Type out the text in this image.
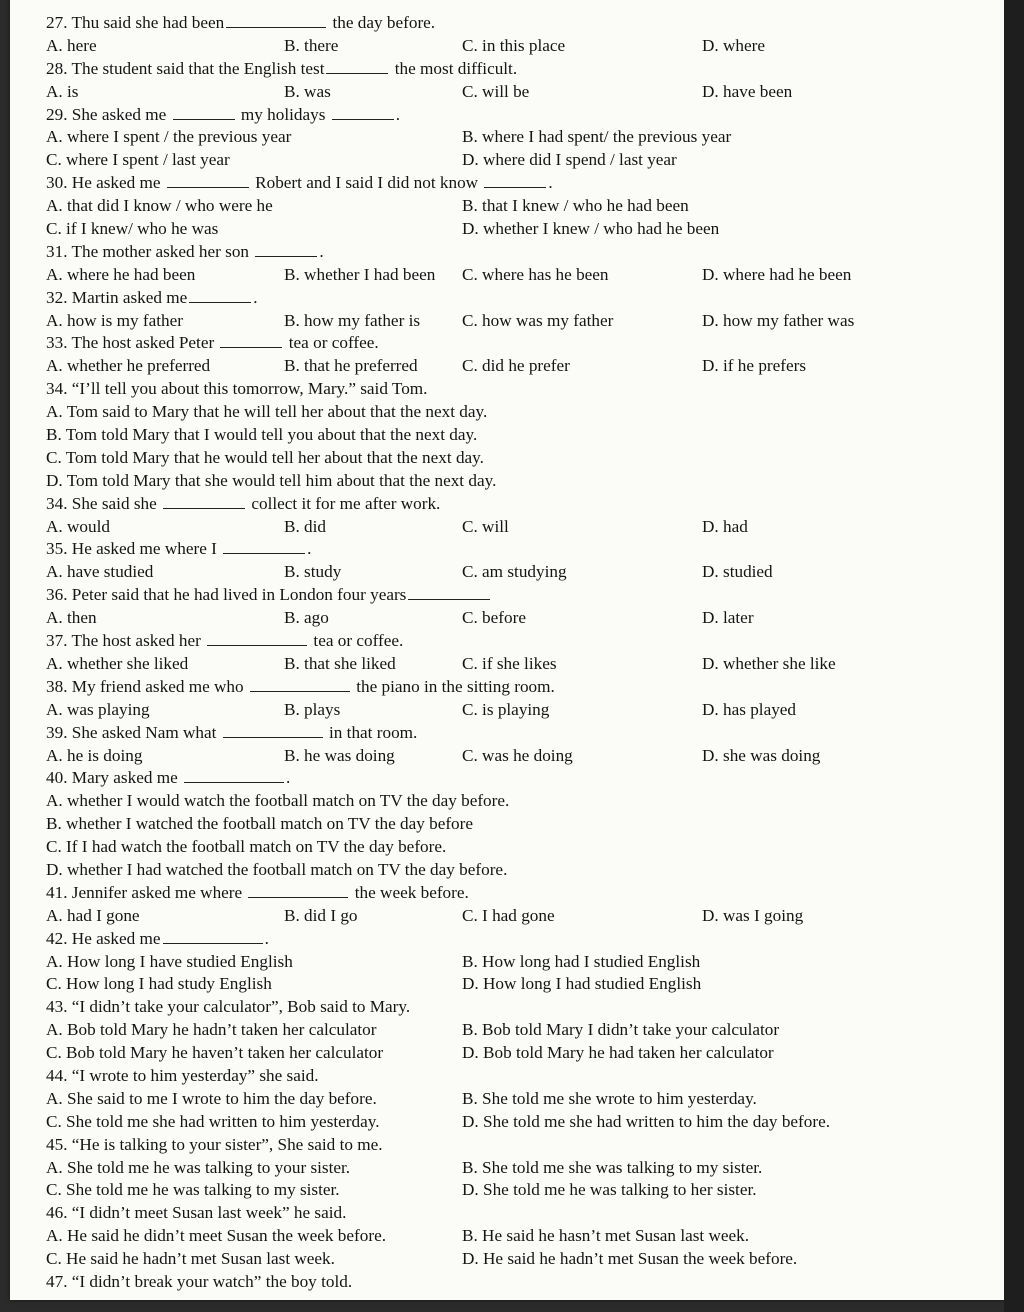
27. Thu said she had been	the day before.
A. here	B. there	C. in this place	D. where
28. The student said that the English test	the most difficult.
A. is	B. was	C. will be	D. have been
29. She asked me	my holidays	.
A. where I spent / the previous year	B. where I had spent/ the previous year
C. where I spent / last year	D. where did I spend / last year
30. He asked me	Robert and I said I did not know	.
A. that did I know / who were he	B. that I knew / who he had been
C. if I knew/ who he was	D. whether I knew / who had he been
31. The mother asked her son	.
A. where he had been	B. whether I had been C. where has he been	D. where had he been
32. Martin asked me	.
A. how is my father	B. how my father is C. how was my father	D. how my father was
33. The host asked Peter	tea or coffee.
A. whether he preferred	B. that he preferred	C. did he prefer	D. if he prefers
34. “I’ll tell you about this tomorrow, Mary.” said Tom.
A. Tom said to Mary that he will tell her about that the next day.
B. Tom told Mary that I would tell you about that the next day.
C. Tom told Mary that he would tell her about that the next day.
D. Tom told Mary that she would tell him about that the next day.
34. She said she	collect it for me after work.
A. would	B. did	C. will	D. had
35. He asked me where I	.
A. have studied	B. study	C. am studying	D. studied
36. Peter said that he had lived in London four years
A. then	B. ago	C. before	D. later
37. The host asked her	tea or coffee.
A. whether she liked	B. that she liked	C. if she likes	D. whether she like
38. My friend asked me who	the piano in the sitting room.
A. was playing	B. plays	C. is playing	D. has played
39. She asked Nam what	in that room.
A. he is doing	B. he was doing	C. was he doing	D. she was doing
40. Mary asked me	.
A. whether I would watch the football match on TV the day before.
B. whether I watched the football match on TV the day before
C. If I had watch the football match on TV the day before.
D. whether I had watched the football match on TV the day before.
41. Jennifer asked me where	the week before.
A. had I gone	B. did I go	C. I had gone	D. was I going
42. He asked me	.
A. How long I have studied English	B. How long had I studied English
C. How long I had study English	D. How long I had studied English
43. “I didn’t take your calculator”, Bob said to Mary.
A. Bob told Mary he hadn’t taken her calculator	B. Bob told Mary I didn’t take your calculator
C. Bob told Mary he haven’t taken her calculator	D. Bob told Mary he had taken her calculator
44. “I wrote to him yesterday” she said.
A. She said to me I wrote to him the day before.	B. She told me she wrote to him yesterday.
C. She told me she had written to him yesterday.	D. She told me she had written to him the day before.
45. “He is talking to your sister”, She said to me.
A. She told me he was talking to your sister.	B. She told me she was talking to my sister.
C. She told me he was talking to my sister.	D. She told me he was talking to her sister.
46. “I didn’t meet Susan last week” he said.
A. He said he didn’t meet Susan the week before.	B. He said he hasn’t met Susan last week.
C. He said he hadn’t met Susan last week.	D. He said he hadn’t met Susan the week before.
47. “I didn’t break your watch” the boy told.
